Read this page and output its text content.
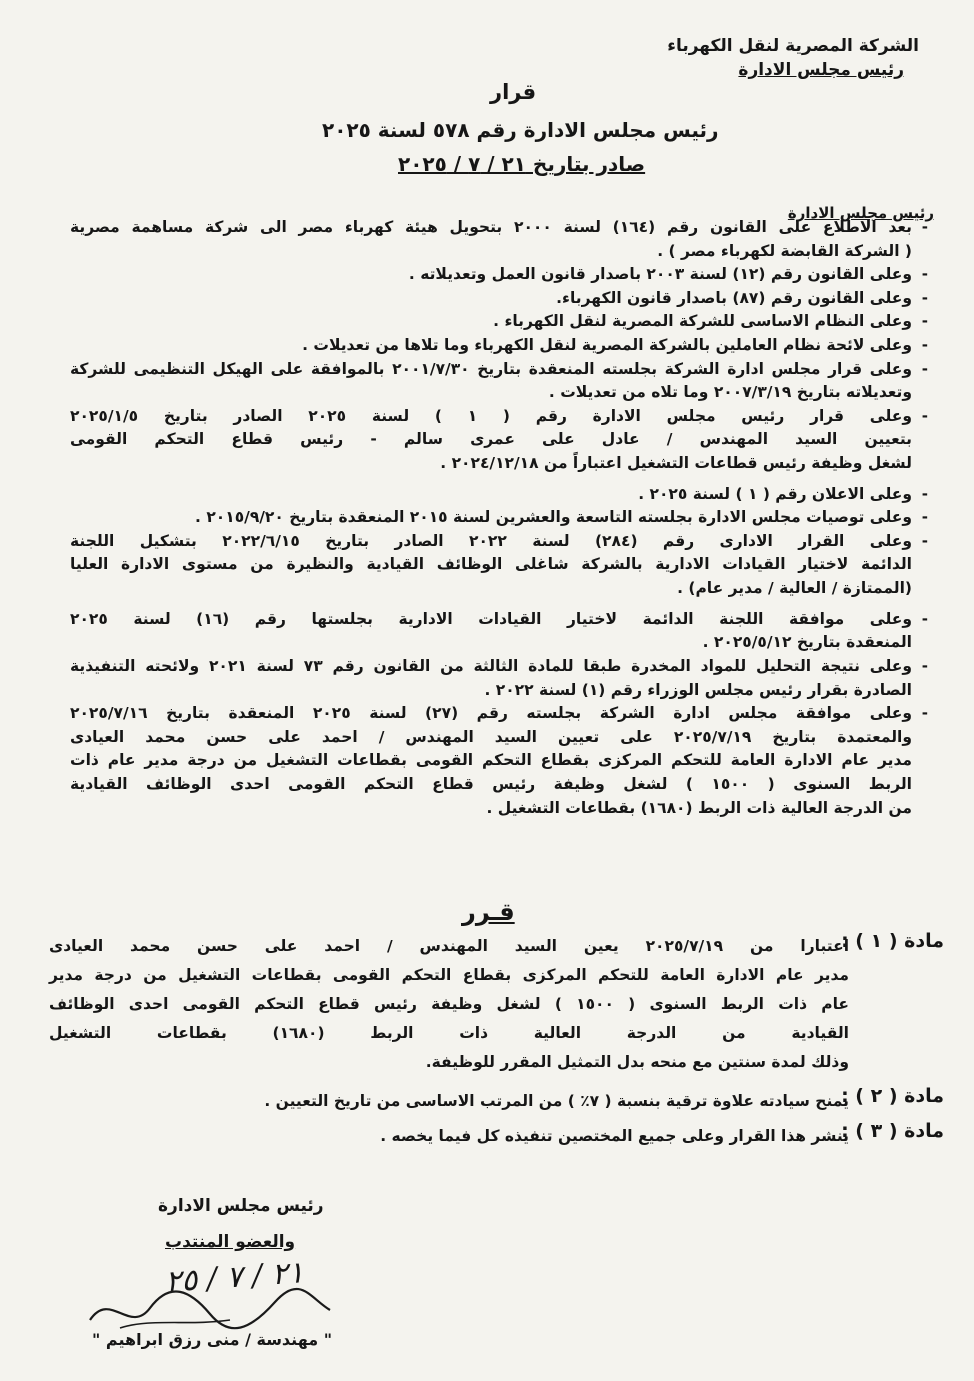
الشركة المصرية لنقل الكهرباء
رئيس مجلس الادارة
قرار
رئيس مجلس الادارة رقم ٥٧٨ لسنة ٢٠٢٥
صادر بتاريخ ٢١ / ٧ / ٢٠٢٥
رئيس مجلس الادارة
-
بعد الاطلاع على القانون رقم (١٦٤) لسنة ٢٠٠٠ بتحويل هيئة كهرباء مصر الى شركة مساهمة مصرية
( الشركة القابضة لكهرباء مصر ) .
-
وعلى القانون رقم (١٢) لسنة ٢٠٠٣ باصدار قانون العمل وتعديلاته .
-
وعلى القانون رقم (٨٧) باصدار قانون الكهرباء.
-
وعلى النظام الاساسى للشركة المصرية لنقل الكهرباء .
-
وعلى لائحة نظام العاملين بالشركة المصرية لنقل الكهرباء وما تلاها من تعديلات .
-
وعلى قرار مجلس ادارة الشركة بجلسته المنعقدة بتاريخ ٢٠٠١/٧/٣٠ بالموافقة على الهيكل التنظيمى للشركة
وتعديلاته بتاريخ ٢٠٠٧/٣/١٩ وما تلاه من تعديلات .
-
وعلى قرار رئيس مجلس الادارة رقم ( ١ ) لسنة ٢٠٢٥ الصادر بتاريخ ٢٠٢٥/١/٥
بتعيين السيد المهندس / عادل على عمرى سالم - رئيس قطاع التحكم القومى
لشغل وظيفة رئيس قطاعات التشغيل اعتباراً من ٢٠٢٤/١٢/١٨ .
-
وعلى الاعلان رقم ( ١ ) لسنة ٢٠٢٥ .
-
وعلى توصيات مجلس الادارة بجلسته التاسعة والعشرين لسنة ٢٠١٥ المنعقدة بتاريخ ٢٠١٥/٩/٢٠ .
-
وعلى القرار الادارى رقم (٢٨٤) لسنة ٢٠٢٢ الصادر بتاريخ ٢٠٢٢/٦/١٥ بتشكيل اللجنة
الدائمة لاختيار القيادات الادارية بالشركة شاغلى الوظائف القيادية والنظيرة من مستوى الادارة العليا
(الممتازة / العالية / مدير عام) .
-
وعلى موافقة اللجنة الدائمة لاختيار القيادات الادارية بجلستها رقم (١٦) لسنة ٢٠٢٥
المنعقدة بتاريخ ٢٠٢٥/٥/١٢ .
-
وعلى نتيجة التحليل للمواد المخدرة طبقا للمادة الثالثة من القانون رقم ٧٣ لسنة ٢٠٢١ ولائحته التنفيذية
الصادرة بقرار رئيس مجلس الوزراء رقم (١) لسنة ٢٠٢٢ .
-
وعلى موافقة مجلس ادارة الشركة بجلسته رقم (٢٧) لسنة ٢٠٢٥ المنعقدة بتاريخ ٢٠٢٥/٧/١٦
والمعتمدة بتاريخ ٢٠٢٥/٧/١٩ على تعيين السيد المهندس / احمد على حسن محمد العيادى
مدير عام الادارة العامة للتحكم المركزى بقطاع التحكم القومى بقطاعات التشغيل من درجة مدير عام ذات
الربط السنوى ( ١٥٠٠ ) لشغل وظيفة رئيس قطاع التحكم القومى احدى الوظائف القيادية
من الدرجة العالية ذات الربط (١٦٨٠) بقطاعات التشغيل .
قـرر
مادة ( ١ ) :
اعتبارا من ٢٠٢٥/٧/١٩ يعين السيد المهندس / احمد على حسن محمد العيادى
مدير عام الادارة العامة للتحكم المركزى بقطاع التحكم القومى بقطاعات التشغيل من درجة مدير
عام ذات الربط السنوى ( ١٥٠٠ ) لشغل وظيفة رئيس قطاع التحكم القومى احدى الوظائف
القيادية من الدرجة العالية ذات الربط (١٦٨٠) بقطاعات التشغيل
وذلك لمدة سنتين مع منحه بدل التمثيل المقرر للوظيفة.
مادة ( ٢ ) :
يمنح سيادته علاوة ترقية بنسبة ( ٧٪ ) من المرتب الاساسى من تاريخ التعيين .
مادة ( ٣ ) :
ينشر هذا القرار وعلى جميع المختصين تنفيذه كل فيما يخصه .
رئيس مجلس الادارة
والعضو المنتدب
٢١ / ٧ / ٢٥
" مهندسة / منى رزق ابراهيم "
